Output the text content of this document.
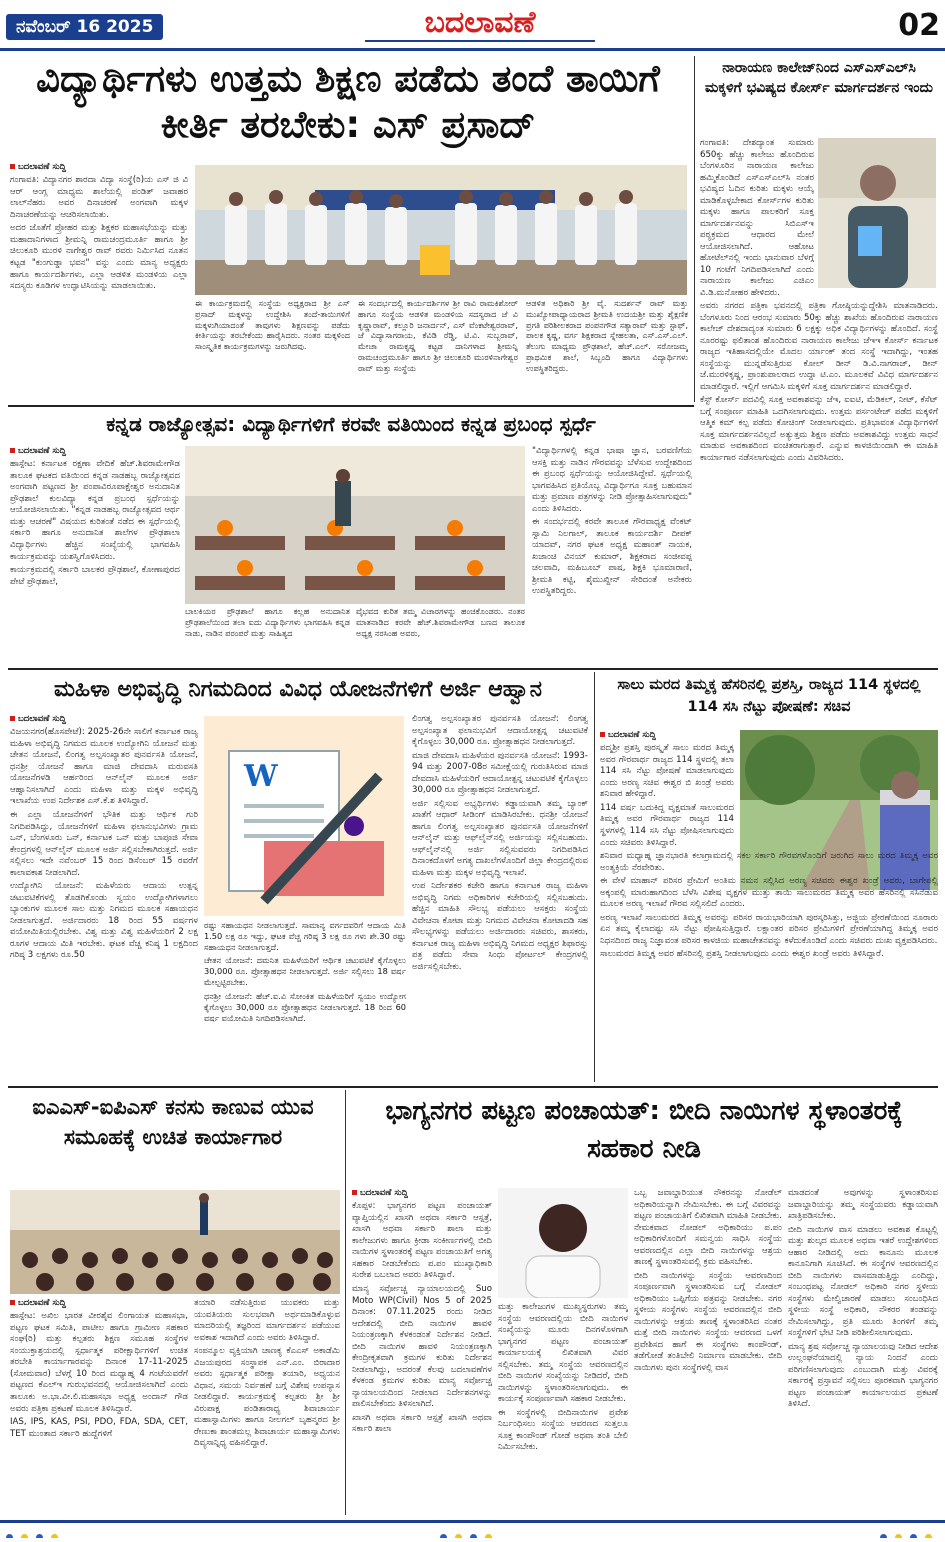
ನವೆಂಬರ್ 16 2025	ಬದಲಾವಣೆ	02
ವಿದ್ಯಾರ್ಥಿಗಳು ಉತ್ತಮ ಶಿಕ್ಷಣ ಪಡೆದು ತಂದೆ ತಾಯಿಗೆ ಕೀರ್ತಿ ತರಬೇಕು: ಎಸ್ ಪ್ರಸಾದ್
ಬದಲಾವಣೆ ಸುದ್ದಿ

ಗಂಗಾವತಿ: ವಿದ್ಯಾನಗರ ಶಾರದಾ ವಿದ್ಯಾ ಸಂಸ್ಥೆ(ರಿ)ಯ ಎಸ್ ಜಿ ವಿ ಆರ್ ಆಂಗ್ಲ ಮಾಧ್ಯಮ ಶಾಲೆಯಲ್ಲಿ ಪಂಡಿತ್ ಜವಾಹರ ಲಾಲ್‌ನೆಹರು ಅವರ ದಿನಾಚರಣೆ ಅಂಗವಾಗಿ ಮಕ್ಕಳ ದಿನಾಚರಣೆಯನ್ನು ಆಚರಿಸಲಾಯಿತು.

ಅದರ ಜೊತೆಗೆ ಪ್ರೋಹರ ಮತ್ತು ಶಿಕ್ಷಕರ ಮಹಾಸಭೆಯನ್ನು ಮತ್ತು ಮಹಾದಾನಿಗಳಾದ ಶ್ರೀಮನ್ನಿ ರಾಮಚಂದ್ರಮೂರ್ತಿ ಹಾಗೂ ಶ್ರೀ ಚಿಲುಕೂರಿ ಮುರಳಿ ನಾಗೇಶ್ವರ ರಾವ್ ರವರು ನಿರ್ಮಿಸಿದ ನೂತನ ಕಟ್ಟಡ "ಕುಂಗುಡ್ಡಾ ಭವನ" ವನ್ನು ಎಂದು ಮಾನ್ಯ ಅಧ್ಯಕ್ಷರು ಹಾಗೂ ಕಾರ್ಯದರ್ಶಿಗಳು, ಎಲ್ಲಾ ಆಡಳಿತ ಮಂಡಳಿಯ ಎಲ್ಲಾ ಸದಸ್ಯರು ಕೂಡಿಗಳ ಉದ್ಘಾಟಿಸಿಯನ್ನು ಮಾಡಲಾಯಿತು.

ಈ ಕಾರ್ಯಕ್ರಮದಲ್ಲಿ ಸಂಸ್ಥೆಯ ಅಧ್ಯಕ್ಷರಾದ ಶ್ರೀ ಎಸ್ ಪ್ರಸಾದ್ ಮಕ್ಕಳನ್ನು ಉದ್ದೇಶಿಸಿ ತಂದೆ-ತಾಯಿಗಳಿಗೆ ಮಕ್ಕಳುಗಿಯಾದಂತೆ ತಾವುಗಳು ಶಿಕ್ಷಣವನ್ನು ಪಡೆದು ಕೀರ್ತಿಯನ್ನು ತರಬೇಕೆಂದು ಹಾರೈಸಿದರು. ನಂತರ ಮಕ್ಕಳಿಂದ ಸಾಂಸ್ಕೃತಿಕ ಕಾರ್ಯಕ್ರಮಗಳನ್ನು ಜರುಗಿದವು.
ಈ ಸಂದರ್ಭದಲ್ಲಿ ಕಾರ್ಯದರ್ಶಿಗಳ ಶ್ರೀ ರಾವಿ ರಾಮಕಿಶೋರ್ ಹಾಗೂ ಸಂಸ್ಥೆಯ ಆಡಳಿತ ಮಂಡಳಿಯ ಸದಸ್ಯರಾದ ಜೆ ವಿ ಕೃಷ್ಣಾರಾವ್, ಕಲ್ಲೂರಿ ಜನಾರ್ದನ್, ಎಸ್ ವೆಂಕಟೇಶ್ವರರಾವ್, ಜೆ ವಿದ್ಯಾಸಾಗರಾಯ, ಕೆವಿಡಿ ರೆಡ್ಡಿ, ಟಿ.ವಿ. ಸುಬ್ಬರಾವ್, ಮೇಚಾ ರಾಮಕೃಷ್ಣ ಕಟ್ಟಡ ದಾನಿಗಳಾದ ಶ್ರೀಮನ್ನಿ ರಾಮಚಂದ್ರಮೂರ್ತಿ ಹಾಗೂ ಶ್ರೀ ಚಿಲುಕೂರಿ ಮುರಳಿನಾಗೇಶ್ವರ ರಾವ್ ಮತ್ತು ಸಂಸ್ಥೆಯ
ಆಡಳಿತ ಅಧಿಕಾರಿ ಶ್ರೀ ವೈ. ಸುದರ್ಶನ್ ರಾವ್ ಮತ್ತು ಮುಖ್ಯೋಪಾಧ್ಯಾಯರಾದ ಶ್ರೀಮತಿ ಉದಯಶ್ರೀ ಮತ್ತು ಶೈಕ್ಷಣಿಕ ಪ್ರಗತಿ ಪರಿಶೀಲಕರಾದ ಪಂಪನಗೌಡ ಸತ್ಯಾರಾವ್ ಮತ್ತು ಸ್ಟಾಫ್, ಪಾಲಕ ಕೃಷ್ಣ, ವರ್ಗ ಶಿಕ್ಷಕರಾದ ಸ್ನೇಹಲತಾ, ಎಸ್.ಎಸ್.ಎಲ್. ತೆಲುಗು ಮಾಧ್ಯಮ ಪ್ರೌಢಶಾಲೆ, ಹೆಚ್.ಎಲ್. ಸರೋಜಮ್ಮ ಪ್ರಾಥಮಿಕ ಶಾಲೆ, ಸಿಬ್ಬಂದಿ ಹಾಗೂ ವಿದ್ಯಾರ್ಥಿಗಳು ಉಪಸ್ಥಿತರಿದ್ದರು.
ನಾರಾಯಣ ಕಾಲೇಜ್‌ನಿಂದ ಎಸ್‌ಎಸ್‌ಎಲ್‌ಸಿ ಮಕ್ಕಳಿಗೆ ಭವಿಷ್ಯದ ಕೋರ್ಸ್ ಮಾರ್ಗದರ್ಶನ ಇಂದು

ಗಂಗಾವತಿ: ದೇಶದ್ಯಾಂತ ಸುಮಾರು 650ಕ್ಕು ಹೆಚ್ಚು ಕಾಲೇಜು ಹೊಂದಿರುವ ಬೆಂಗಳೂರಿನ ನಾರಾಯಣ ಕಾಲೇಜು ಹಮ್ಮಿಕೊಂಡಿದೆ ಎಸ್‌ಎಸ್‌ಎಲ್‌ಸಿ ನಂತರ ಭವಿಷ್ಯದ ಓದಿನ ಕುರಿತು ಮಕ್ಕಳು ಆಯ್ಕೆ ಮಾಡಿಕೊಳ್ಳಬೇಕಾದ ಕೋರ್ಸ್‌ಗಳ ಕುರಿತು ಮಕ್ಕಳು ಹಾಗೂ ಪಾಲಕರಿಗೆ ಸೂಕ್ತ ಮಾರ್ಗದರ್ಶನವನ್ನು ಸಿಬಿಎಸ್‌ಇ ಪಠ್ಯಕ್ರಮದ ಆಧಾರದ ಮೇಲೆ ಆಯೋಜಿಸಲಾಗಿದೆ. ಆಹೋಟ ಹೋಟೆಲ್‌ನಲ್ಲಿ ಇಂದು ಭಾನುವಾರ ಬೆಳಗ್ಗೆ 10 ಗಂಟೆಗೆ ನಿಗದಿಪಡಿಸಲಾಗಿದೆ ಎಂದು ನಾರಾಯಣ ಕಾಲೇಜು ಎಜಿಎಂ ವಿ.ಡಿ.ಮನೋಹರ ಹೇಳಿದರು.

ಅವರು ನಗರದ ಪತ್ರಿಕಾ ಭವನದಲ್ಲಿ ಪತ್ರಿಕಾ ಗೋಷ್ಠಿಯನ್ನುದ್ದೇಶಿಸಿ ಮಾತನಾಡಿದರು. ಬೆಂಗಳೂರು ನಿಂದ ಆರಂಭ ಸುಮಾರು 50ಕ್ಕು ಹೆಚ್ಚು ಶಾಖೆಯ ಹೊಂದಿರುವ ನಾರಾಯಣ ಕಾಲೇಜ್ ದೇಶದಾದ್ಯಂತ ಸುಮಾರು 6 ಲಕ್ಷಕ್ಕು ಅಧಿಕ ವಿದ್ಯಾರ್ಥಿಗಳನ್ನು ಹೊಂದಿದೆ. ಸಂಸ್ಥೆ ನೂರರಷ್ಟು ಫಲಿತಾಂಶ ಹೊಂದಿರುವ ನಾರಾಯಣ ಕಾಲೇಜು ಜೆಇಇ ಕೋರ್ಸ್ ಕರ್ನಾಟಕ ರಾಜ್ಯದ ಇತಿಹಾಸದಲ್ಲಿಯೇ ಮೊದಲ ರ್ಯಾಂಕ್ ತಂದ ಸಂಸ್ಥೆ ಇದಾಗಿದ್ದು, ಇಂತಹ ಸಂಸ್ಥೆಯನ್ನು ಮುನ್ನಡೆಸುತ್ತಿರುವ ಕೋಲ್ ಡೀನ್ ಡಿ.ವಿ.ನಾಗರಾಜ್, ಡೀನ್ ಜೆ.ಮುರಳಿಕೃಷ್ಣ, ಪ್ರಾಂಶುಪಾಲರಾದ ಉದ್ದಾ ಟಿ.ಎಂ. ಮೂಲಕವೆ ವಿವಿಧ ಮಾರ್ಗದರ್ಶನ ಮಾಡಲಿದ್ದಾರೆ. ಇಲ್ಲಿಗೆ ಆಗಮಿಸಿ ಮಕ್ಕಳಿಗೆ ಸೂಕ್ತ ಮಾರ್ಗದರ್ಶನ ಮಾಡಲಿದ್ದಾರೆ.

ಕೆಸ್ಟ್‌ ಕೋರ್ಸ್ ಪದವಿಲ್ಲಿ ಸೂಕ್ತ ಅವಕಾಶವನ್ನು ಜೆಇ, ಐಐಟಿ, ಮೆಡಿಕಲ್, ನೀಟ್, ಕೆಸೆಟ್ ಬಗ್ಗೆ ಸಂಪೂರ್ಣ ಮಾಹಿತಿ ಒದಗಿಸಲಾಗುವುದು. ಉತ್ತಮ ಪರ್ಸಂಟೇಜ್ ಪಡೆದ ಮಕ್ಕಳಿಗೆ ಆತ್ಮಿಕ ಕಮ್ ಕಲ್ಪ ಪಡೆದು ಕೋಚಿಂಗ್ ನೀಡಲಾಗುವುದು. ಪ್ರತಿಭಾವಂತ ವಿದ್ಯಾರ್ಥಿಗಳಿಗೆ ಸೂಕ್ತ ಮಾರ್ಗದರ್ಶನವಿಲ್ಲದೆ ಅತ್ಯುತ್ತಮ ಶಿಕ್ಷಣ ಪಡೆದು ಅವಕಾಶವಿದ್ದು ಉತ್ತಮ ಸಾಧನೆ ಮಾಡುವ ಅವಕಾಶದಿಂದ ವಂಚಿತರಾಗುತ್ತಾರೆ. ಎನ್ನುವ ಕಾಳಜಿಯಿಂದಾಗಿ ಈ ಮಾಹಿತಿ ಕಾರ್ಯಾಗಾರ ನಡೆಸಲಾಗುವುದು ಎಂದು ವಿವರಿಸಿದರು.

ಕನ್ನಡ ರಾಜ್ಯೋತ್ಸವ: ವಿದ್ಯಾರ್ಥಿಗಳಿಗೆ ಕರವೇ ವತಿಯಿಂದ ಕನ್ನಡ ಪ್ರಬಂಧ ಸ್ಪರ್ಧೆ
ಬದಲಾವಣೆ ಸುದ್ದಿ

ಹಾಸ್ಪೇಟ: ಕರ್ನಾಟಕ ರಕ್ಷಣಾ ವೇದಿಕೆ ಹೆಚ್.ಶಿವರಾಮೇಗೌಡ ತಾಲೂಕ ಘಟಕದ ವತಿಯಿಂದ ಕನ್ನಡ ನಾಡಹಬ್ಬ ರಾಜ್ಯೋತ್ಸವದ ಅಂಗವಾಗಿ ಪಟ್ಟಣದ ಶ್ರೀ ಪಂಪಾವಿರೂಪಾಕ್ಷೇಶ್ವರ ಅನುದಾನಿತ ಪ್ರೌಢಶಾಲೆ ಕುಲವಿದ್ಯಾ ಕನ್ನಡ ಪ್ರಬಂಧ ಸ್ಪರ್ಧೆಯನ್ನು ಆಯೋಜಿಸಲಾಯಿತು. "ಕನ್ನಡ ನಾಡಹಬ್ಬ ರಾಜ್ಯೋತ್ಸವದ ಆರ್ಥ ಮತ್ತು ಆಚರಣೆ" ವಿಷಯದ ಕುರಿತಂತೆ ನಡೆದ ಈ ಸ್ಪರ್ಧೆಯಲ್ಲಿ ಸರ್ಕಾರಿ ಹಾಗೂ ಅನುದಾನಿತ ಶಾಲೆಗಳ ಪ್ರೌಢಶಾಲಾ ವಿದ್ಯಾರ್ಥಿಗಳು ಹೆಚ್ಚಿನ ಸಂಖ್ಯೆಯಲ್ಲಿ ಭಾಗವಹಿಸಿ ಕಾರ್ಯಕ್ರಮವನ್ನು ಯಶಸ್ವಿಗೊಳಿಸಿದರು.

ಕಾರ್ಯಕ್ರಮದಲ್ಲಿ ಸರ್ಕಾರಿ ಬಾಲಕರ ಪ್ರೌಢಶಾಲೆ, ಕೋಣಾಪುರದ ಪೇಟೆ ಪ್ರೌಢಶಾಲೆ,

ಬಾಲಕಿಯರ ಪ್ರೌಢಶಾಲೆ ಹಾಗೂ ಕಲ್ಲಹ ಅನುದಾನಿತ ಪ್ರೌಢಶಾಲೆಯಿಂದ ತಲಾ ಐದು ವಿದ್ಯಾರ್ಥಿಗಳು ಭಾಗವಹಿಸಿ ಕನ್ನಡ ನಾಡು, ನಾಡಿನ ಪರಂಪರೆ ಮತ್ತು ಸಾಹಿತ್ಯದ
ವೈಭವದ ಕುರಿತ ತಮ್ಮ ವಿಚಾರಗಳನ್ನು ಹಂಚಿಕೊಂಡರು. ನಂತರ ಮಾತನಾಡಿದ ಕರವೇ ಹೆಚ್.ಶಿವರಾಮೇಗೌಡ ಬಣದ ತಾಲೂಕ ಅಧ್ಯಕ್ಷ ನರಸಿಂಹ ಅವರು,

"ವಿದ್ಯಾರ್ಥಿಗಳಲ್ಲಿ ಕನ್ನಡ ಭಾಷಾ ಜ್ಞಾನ, ಬರವಣಿಗೆಯ ಆಸಕ್ತಿ ಮತ್ತು ನಾಡಿನ ಗೌರವವನ್ನು ಬೆಳೆಸುವ ಉದ್ದೇಶದಿಂದ ಈ ಪ್ರಬಂಧ ಸ್ಪರ್ಧೆಯನ್ನು ಆಯೋಜಿಸಿದ್ದೇವೆ. ಸ್ಪರ್ಧೆಯಲ್ಲಿ ಭಾಗವಹಿಸಿದ ಪ್ರತಿಯೊಬ್ಬ ವಿದ್ಯಾರ್ಥಿಗೂ ಸೂಕ್ತ ಬಹುಮಾನ ಮತ್ತು ಪ್ರಮಾಣ ಪತ್ರಗಳನ್ನು ನೀಡಿ ಪ್ರೋತ್ಸಾಹಿಸಲಾಗುವುದು" ಎಂದು ತಿಳಿಸಿದರು.

ಈ ಸಂದರ್ಭದಲ್ಲಿ ಕರವೇ ತಾಲೂಕ ಗೌರವಾಧ್ಯಕ್ಷ ವೆಂಕಟ್ ಸ್ವಾಮಿ ನಿಲಗಾಲ್, ತಾಲೂಕ ಕಾರ್ಯದರ್ಶಿ ದೀಪಕ್ ಯಾದವ್, ನಗರ ಘಟಕ ಅಧ್ಯಕ್ಷ ಮಹಾಂತ್ ನಾಯಕ, ಖಜಾಂಚಿ ವಿನಯ್ ಕುಮಾರ್, ಶಿಕ್ಷಕರಾದ ಸಂಜೀವಪ್ಪ ಚಲವಾದಿ, ಮಹಿಬೂಬ್ ಪಾಷ, ಶಿಕ್ಷಕಿ ಭೂಮಾರಾಣಿ, ಶ್ರೀಮತಿ ಕಟ್ಟಿ, ಶೈಮುಖ್ದೀನ್ ಸೇರಿದಂತೆ ಅನೇಕರು ಉಪಸ್ಥಿತರಿದ್ದರು.

ಮಹಿಳಾ ಅಭಿವೃದ್ಧಿ ನಿಗಮದಿಂದ ವಿವಿಧ ಯೋಜನೆಗಳಿಗೆ ಅರ್ಜಿ ಆಹ್ವಾನ
ಬದಲಾವಣೆ ಸುದ್ದಿ

ವಿಜಯನಗರ(ಹೊಸಪೇಟೆ): 2025-26ನೇ ಸಾಲಿಗೆ ಕರ್ನಾಟಕ ರಾಜ್ಯ ಮಹಿಳಾ ಅಭಿವೃದ್ಧಿ ನಿಗಮದ ಮೂಲಕ ಉದ್ಯೋಗಿನಿ ಯೋಜನೆ ಮತ್ತು ಚೇತನ ಯೋಜನೆ, ಲಿಂಗತ್ವ ಅಲ್ಪಸಂಖ್ಯಾತರ ಪುನರ್ವಸತಿ ಯೋಜನೆ, ಧನಶ್ರೀ ಯೋಜನೆ ಹಾಗೂ ಮಾಜಿ ದೇವದಾಸಿ ಮರುವಸತಿ ಯೋಜನೆಗಳಡಿ ಆರ್ಹರಿಂದ ಆನ್‌ಲೈನ್ ಮೂಲಕ ಅರ್ಜಿ ಆಹ್ವಾನಿಸಲಾಗಿದೆ ಎಂದು ಮಹಿಳಾ ಮತ್ತು ಮಕ್ಕಳ ಅಭಿವೃದ್ಧಿ ಇಲಾಖೆಯ ಉಪ ನಿರ್ದೇಶಕ ಎಸ್.ಕೆ.ಶ ತಿಳಿಸಿದ್ದಾರೆ.

ಈ ಎಲ್ಲಾ ಯೋಜನೆಗಳಿಗೆ ಭೌತಿಕ ಮತ್ತು ಆರ್ಥಿಕ ಗುರಿ ನಿಗದಿಪಡಿಸಿದ್ದು, ಯೋಜನೆಗಳಿಗೆ ಮಹಿಳಾ ಫಲಾನುಭವಿಗಳು ಗ್ರಾಮ ಒನ್, ಬೆಂಗಳೂರು ಒನ್, ಕರ್ನಾಟಕ ಒನ್ ಮತ್ತು ಬಾಪೂಜಿ ಸೇವಾ ಕೇಂದ್ರಗಳಲ್ಲಿ ಆನ್‌ಲೈನ್ ಮೂಲಕ ಅರ್ಜಿ ಸಲ್ಲಿಸಬೇಕಾಗಿರುತ್ತದೆ. ಅರ್ಜಿ ಸಲ್ಲಿಸಲು ಇದೇ ನವೆಂಬರ್ 15 ರಿಂದ ಡಿಸೆಂಬರ್ 15 ರವರೆಗೆ ಕಾಲಾವಕಾಶ ನೀಡಲಾಗಿದೆ.

ಉದ್ಯೋಗಿನಿ ಯೋಜನೆ: ಮಹಿಳೆಯರು ಆದಾಯ ಉತ್ಪನ್ನ ಚಟುವಟಿಕೆಗಳಲ್ಲಿ ತೊಡಗಿಕೊಂಡು ಸ್ವಯಂ ಉದ್ಯೋಗಿಗಳಾಗಲು ಬ್ಯಾಂಕುಗಳ ಮೂಲಕ ಸಾಲ ಮತ್ತು ನಿಗಮದ ಮೂಲಕ ಸಹಾಯಧನ ನೀಡಲಾಗುತ್ತದೆ. ಅರ್ಜಿದಾರರು 18 ರಿಂದ 55 ವರ್ಷಗಳ ವಯೋಮಿತಿಯಲ್ಲಿರಬೇಕು. ವಿಶ್ವ ಮತ್ತು ವಿಶ್ವ ಮಹಿಳೆಯರಿಗೆ 2 ಲಕ್ಷ ರೂಗಳ ಆದಾಯ ಮಿತಿ ಇರಬೇಕು. ಘಟಕ ವೆಚ್ಚ ಕನಿಷ್ಠ 1 ಲಕ್ಷದಿಂದ ಗರಿಷ್ಠ 3 ಲಕ್ಷಗಳು ರೂ.50

W

ರಷ್ಟು ಸಹಾಯಧನ ನೀಡಲಾಗುತ್ತದೆ. ಸಾಮಾನ್ಯ ವರ್ಗದವರಿಗೆ ಆದಾಯ ಮಿತಿ 1.50 ಲಕ್ಷ ರೂ ಇದ್ದು, ಘಟಕ ವೆಚ್ಚ ಗರಿಷ್ಠ 3 ಲಕ್ಷ ರೂ ಗಳು ಶೇ.30 ರಷ್ಟು ಸಹಾಯಧನ ನೀಡಲಾಗುತ್ತದೆ.

ಚೇತನ ಯೋಜನೆ: ದಮನಿತ ಮಹಿಳೆಯರಿಗೆ ಆರ್ಥಿಕ ಚಟುವಟಿಕೆ ಕೈಗೊಳ್ಳಲು 30,000 ರೂ. ಪ್ರೋತ್ಸಾಹಧನ ನೀಡಲಾಗುತ್ತದೆ. ಅರ್ಜಿ ಸಲ್ಲಿಸಲು 18 ವರ್ಷ ಮೇಲ್ಪಟ್ಟಿರಬೇಕು.

ಧನಶ್ರೀ ಯೋಜನೆ: ಹೆಚ್.ಐ.ವಿ ಸೋಂಕಿತ ಮಹಿಳೆಯರಿಗೆ ಸ್ವಯಂ ಉದ್ಯೋಗ ಕೈಗೊಳ್ಳಲು 30,000 ರೂ ಪ್ರೋತ್ಸಾಹಧನ ನೀಡಲಾಗುತ್ತದೆ. 18 ರಿಂದ 60 ವರ್ಷ ವಯೋಮಿತಿ ನಿಗದಿಪಡಿಸಲಾಗಿದೆ.

ಲಿಂಗತ್ವ ಅಲ್ಪಸಂಖ್ಯಾತರ ಪುನರ್ವಸತಿ ಯೋಜನೆ: ಲಿಂಗತ್ವ ಅಲ್ಪಸಂಖ್ಯಾತ ಫಲಾನುಭವಿಗೆ ಆದಾಯೋತ್ಪನ್ನ ಚಟುವಟಿಕೆ ಕೈಗೊಳ್ಳಲು 30,000 ರೂ. ಪ್ರೋತ್ಸಾಹಧನ ನೀಡಲಾಗುತ್ತದೆ.

ಮಾಜಿ ದೇವದಾಸಿ ಮಹಿಳೆಯರ ಪುನರ್ವಸತಿ ಯೋಜನೆ: 1993-94 ಮತ್ತು 2007-08ರ ಸಮೀಕ್ಷೆಯಲ್ಲಿ ಗುರುತಿಸಿರುವ ಮಾಜಿ ದೇವದಾಸಿ ಮಹಿಳೆಯರಿಗೆ ಆದಾಯೋತ್ಪನ್ನ ಚಟುವಟಿಕೆ ಕೈಗೊಳ್ಳಲು 30,000 ರೂ ಪ್ರೋತ್ಸಾಹಧನ ನೀಡಲಾಗುತ್ತದೆ.

ಅರ್ಜಿ ಸಲ್ಲಿಸುವ ಅಭ್ಯರ್ಥಿಗಳು ಕಡ್ಡಾಯವಾಗಿ ತಮ್ಮ ಬ್ಯಾಂಕ್ ಖಾತೆಗೆ ಆಧಾರ್ ಸೀಡಿಂಗ್ ಮಾಡಿಸಿರಬೇಕು. ಧನಶ್ರೀ ಯೋಜನೆ ಹಾಗೂ ಲಿಂಗತ್ವ ಅಲ್ಪಸಂಖ್ಯಾತರ ಪುನರ್ವಸತಿ ಯೋಜನೆಗಳಿಗೆ ಆನ್‌ಲೈನ್ ಮತ್ತು ಆಫ್‌ಲೈನ್‌ನಲ್ಲಿ ಅರ್ಜಿಯನ್ನು ಸಲ್ಲಿಸಬಹುದು. ಆಫ್‌ಲೈನ್‌ನಲ್ಲಿ ಅರ್ಜಿ ಸಲ್ಲಿಸುವವರು ನಿಗದಿಪಡಿಸಿದ ದಿನಾಂಕದೊಳಗೆ ಅಗತ್ಯ ದಾಖಲೆಗಳೊಂದಿಗೆ ಜಿಲ್ಲಾ ಕೇಂದ್ರದಲ್ಲಿರುವ ಮಹಿಳಾ ಮತ್ತು ಮಕ್ಕಳ ಅಭಿವೃದ್ಧಿ ಇಲಾಖೆ.

ಉಪ ನಿರ್ದೇಶಕರ ಕಚೇರಿ ಹಾಗೂ ಕರ್ನಾಟಕ ರಾಜ್ಯ ಮಹಿಳಾ ಅಭಿವೃದ್ಧಿ ನಿಗಮ ಅಧಿಕಾರಿಗಳ ಕಚೇರಿಯಲ್ಲಿ ಸಲ್ಲಿಸಬಹುದು. ಹೆಚ್ಚಿನ ಮಾಹಿತಿ ಸೌಲಭ್ಯ ಪಡೆಯಲು ಆಸಕ್ತರು ಸಂಸ್ಥೆಯ ವಿವೇಚನಾ ಕೋಟಾ ಮತ್ತು ನಿಗಮದ ವಿವೇಚನಾ ಕೋಟಾದಡಿ ಸಹ ಸೌಲಭ್ಯಗಳನ್ನು ಪಡೆಯಲು ಅರ್ಜಿದಾರರು ಸಚಿವರು, ಶಾಸಕರು, ಕರ್ನಾಟಕ ರಾಜ್ಯ ಮಹಿಳಾ ಅಭಿವೃದ್ಧಿ ನಿಗಮದ ಅಧ್ಯಕ್ಷರ ಶಿಫಾರಸ್ಸು ಪತ್ರ ಪಡೆದು ಸೇವಾ ಸಿಂಧು ಪೋರ್ಟಲ್ ಕೇಂದ್ರಗಳಲ್ಲಿ ಅರ್ಜಿಸಲ್ಲಿಸಬೇಕು.

ಸಾಲು ಮರದ ತಿಮ್ಮಕ್ಕ ಹೆಸರಿನಲ್ಲಿ ಪ್ರಶಸ್ತಿ, ರಾಜ್ಯದ 114 ಸ್ಥಳದಲ್ಲಿ 114 ಸಸಿ ನೆಟ್ಟು ಪೋಷಣೆ: ಸಚಿವ
ಬದಲಾವಣೆ ಸುದ್ದಿ

ಪದ್ಮಶ್ರೀ ಪ್ರಶಸ್ತಿ ಪುರಸ್ಕೃತೆ ಸಾಲು ಮರದ ತಿಮ್ಮಕ್ಕ ಅವರ ಗೌರವಾರ್ಥ ರಾಜ್ಯದ 114 ಸ್ಥಳದಲ್ಲಿ ತಲಾ 114 ಸಸಿ ನೆಟ್ಟು ಪೋಷಣೆ ಮಾಡಲಾಗುವುದು ಎಂದು ಅರಣ್ಯ ಸಚಿವ ಈಶ್ವರ ಬಿ ಖಂಡ್ರೆ ಅವರು ಶನಿವಾರ ಹೇಳಿದ್ದಾರೆ.

114 ವರ್ಷ ಬದುಕಿದ್ದ ವೃಕ್ಷಮಾತೆ ಸಾಲುಮರದ ತಿಮ್ಮಕ್ಕ ಅವರ ಗೌರವಾರ್ಥ ರಾಜ್ಯದ 114 ಸ್ಥಳಗಳಲ್ಲಿ 114 ಸಸಿ ನೆಟ್ಟು ಪೋಷಿಸಲಾಗುವುದು ಎಂದು ಸಚಿವರು ತಿಳಿಸಿದ್ದಾರೆ.

ಶನಿವಾರ ಮಧ್ಯಾಹ್ನ ಜ್ಞಾನಭಾರತಿ ಕಲಾಗ್ರಾಮದಲ್ಲಿ ಸಕಲ ಸರ್ಕಾರಿ ಗೌರವಗಳೊಂದಿಗೆ ಜರುಗಿದ ಸಾಲು ಮರದ ತಿಮ್ಮಕ್ಕ ಅವರ ಅಂತ್ಯಕ್ರಿಯೆ ನೆರವೇರಿತು.

ಈ ವೇಳೆ ಮಾಹಾನ್ ಪರಿಸರ ಪ್ರೇಮಿಗೆ ಅಂತಿಮ ನಮನ ಸಲ್ಲಿಸಿದ ಅರಣ್ಯ ಸಚಿವರು ಈಶ್ವರ ಖಂಡ್ರೆ ಅವರು, ಬಾಗೇಪಲ್ಲಿ ಅಕ್ಕಂಪಲ್ಲಿ ಮಾರುಹಾಗದಿಂದ ಬೆಳೆಸಿ ವಿಶೇಷ ವೃಕ್ಷಗಳ ಮುತ್ತು ತಾಯಿ ಸಾಲುಮರದ ತಿಮ್ಮಕ್ಕ ಅವರ ಹೆಸರಿನಲ್ಲಿ ಸಸಿನೆಡುವ ಮೂಲಕ ಅರಣ್ಯ ಇಲಾಖೆ ಗೌರವ ಸಲ್ಲಿಸಲಿದೆ ಎಂದರು.

ಅರಣ್ಯ ಇಲಾಖೆ ಸಾಲುಮರದ ತಿಮ್ಮಕ್ಕ ಅವರನ್ನು ಪರಿಸರ ರಾಯಭಾರಿಯಾಗಿ ಪುರಸ್ಕರಿಸಿತ್ತು, ಅಜ್ಜಿಯ ಪ್ರೇರಣೆಯಿಂದ ನೂರಾರು ಏನ ತಮ್ಮ ಕೈಲಾದಷ್ಟು ಸಸಿ ನೆಟ್ಟು ಪೋಷಿಸುತ್ತಿದ್ದಾರೆ. ಲಕ್ಷಾಂತರ ಪರಿಸರ ಪ್ರೇಮಿಗಳಿಗೆ ಪ್ರೇರಣೆಯಾಗಿದ್ದ ತಿಮ್ಮಕ್ಕ ಅವರ ನಿಧನದಿಂದ ರಾಜ್ಯ ನಿಜ್ಞಾವಂತ ಪರಿಸರ ಕಾಳಜಿಯ ಮಹಾಚೇತನವನ್ನು ಕಳೆದುಕೊಂಡಿದೆ ಎಂದು ಸಚಿವರು ದುಃಖ ವ್ಯಕ್ತಪಡಿಸಿದರು.

ಸಾಲುಮರದ ತಿಮ್ಮಕ್ಕ ಅವರ ಹೆಸರಿನಲ್ಲಿ ಪ್ರಶಸ್ತಿ ನೀಡಲಾಗುವುದು ಎಂದು ಈಶ್ವರ ಖಂಡ್ರೆ ಅವರು ತಿಳಿಸಿದ್ದಾರೆ.

ಐಎಎಸ್-ಐಪಿಎಸ್ ಕನಸು ಕಾಣುವ ಯುವ ಸಮೂಹಕ್ಕೆ ಉಚಿತ ಕಾರ್ಯಾಗಾರ
ಬದಲಾವಣೆ ಸುದ್ದಿ

ಹಾಸ್ಪೇಟ: ಅಖಿಲ ಭಾರತ ವೀರಶೈವ ಲಿಂಗಾಯತ ಮಹಾಸಭಾ, ಪಟ್ಟಣ ಘಟಕ ಸಮಿತಿ, ಪಾಟೀಲ ಹಾಗೂ ಗ್ರಾಮೀಣ ಸಹಕಾರ ಸಂಘ(ರಿ) ಮತ್ತು ಕಲ್ಪತರು ಶಿಕ್ಷಣ ಸಮೂಹ ಸಂಸ್ಥೆಗಳ ಸಂಯುಕ್ತಾಶ್ರಯದಲ್ಲಿ ಸ್ಪರ್ಧಾತ್ಮಕ ಪರೀಕ್ಷಾರ್ಥಿಗಳಿಗೆ ಉಚಿತ ತರಬೇತಿ ಕಾರ್ಯಾಗಾರವನ್ನು ದಿನಾಂಕ 17-11-2025 (ಸೋಮವಾರ) ಬೆಳಗ್ಗೆ 10 ರಿಂದ ಮಧ್ಯಾಹ್ನ 4 ಗಂಟೆಯವರೆಗೆ ಪಟ್ಟಣದ ಕೆಎಲ್ಇ ಗುರುಭವನದಲ್ಲಿ ಆಯೋಜಿಸಲಾಗಿದೆ ಎಂದು ತಾಲೂಕು ಅ.ಭಾ.ವೀ.ಲಿ.ಮಹಾಸಭಾ ಅಧ್ಯಕ್ಷ ಅಂದಾನ್ ಗೌಡ ಅವರು ಪತ್ರಿಕಾ ಪ್ರಕಟಣೆ ಮೂಲಕ ತಿಳಿಸಿದ್ದಾರೆ.

IAS, IPS, KAS, PSI, PDO, FDA, SDA, CET, TET ಮುಂತಾದ ಸರ್ಕಾರಿ ಹುದ್ದೆಗಳಿಗೆ

ತಯಾರಿ ನಡೆಸುತ್ತಿರುವ ಯುವಕರು ಮತ್ತು ಯುವತಿಯರು ಸುಲಭವಾಗಿ ಅರ್ಥಮಾಡಿಕೊಳ್ಳುವ ಮಾದರಿಯಲ್ಲಿ ತಜ್ಞರಿಂದ ಮಾರ್ಗದರ್ಶನ ಪಡೆಯುವ ಅವಕಾಶ ಇದಾಗಿದೆ ಎಂದು ಅವರು ತಿಳಿಸಿದ್ದಾರೆ.

ಸಂಪನ್ಮೂಲ ವ್ಯಕ್ತಿಯಾಗಿ ಚಾಣಕ್ಯ ಕೆಎಎಸ್ ಅಕಾಡೆಮಿ ವಿಜಯಪುರದ ಸಂಸ್ಥಾಪಕ ಎನ್.ಎಂ. ಬಿರಾದಾರ ಅವರು ಸ್ಪರ್ಧಾತ್ಮಕ ಪರೀಕ್ಷಾ ತಯಾರಿ, ಅಧ್ಯಯನ ವಿಧಾನ, ಸಮಯ ನಿರ್ವಹಣೆ ಬಗ್ಗೆ ವಿಶೇಷ ಉಪನ್ಯಾಸ ನೀಡಲಿದ್ದಾರೆ. ಕಾರ್ಯಕ್ರಮಕ್ಕೆ ಕಲ್ಪತರು ಶ್ರೀ ಶ್ರೀ ವಿರುಪಾಕ್ಷ ಪಂಡಿತಾರಾಧ್ಯ ಶಿವಾಚಾರ್ಯ ಮಹಾಸ್ವಾಮಿಗಳು ಹಾಗೂ ನೀಲಗಲ್ ಬೃಹನ್ಮಠದ ಶ್ರೀ ರೇಣುಕಾ ಶಾಂತಮಲ್ಲ ಶಿವಾಚಾರ್ಯ ಮಹಾಸ್ವಾಮಿಗಳು ದಿವ್ಯಸಾನ್ನಿಧ್ಯ ವಹಿಸಲಿದ್ದಾರೆ.

ಭಾಗ್ಯನಗರ ಪಟ್ಟಣ ಪಂಚಾಯತ್: ಬೀದಿ ನಾಯಿಗಳ ಸ್ಥಳಾಂತರಕ್ಕೆ ಸಹಕಾರ ನೀಡಿ
ಬದಲಾವಣೆ ಸುದ್ದಿ

ಕೊಪ್ಪಳ: ಭಾಗ್ಯನಗರ ಪಟ್ಟಣ ಪಂಚಾಯತ್ ವ್ಯಾಪ್ತಿಯಲ್ಲಿನ ಖಾಸಗಿ ಅಥವಾ ಸರ್ಕಾರಿ ಆಸ್ಪತ್ರೆ, ಖಾಸಗಿ ಅಥವಾ ಸರ್ಕಾರಿ ಶಾಲಾ ಮತ್ತು ಕಾಲೇಜುಗಳು ಹಾಗೂ ಕ್ರೀಡಾ ಸಂಕೀರ್ಣಗಳಲ್ಲಿ ಬೀದಿ ನಾಯಿಗಳ ಸ್ಥಳಾಂತರಕ್ಕೆ ಪಟ್ಟಣ ಪಂಚಾಯತಿಗೆ ಅಗತ್ಯ ಸಹಕಾರ ನೀಡಬೇಕೆಂದು ಪ.ಪಂ ಮುಖ್ಯಾಧಿಕಾರಿ ಸುರೇಶ ಬಬಲಾದ ಅವರು ತಿಳಿಸಿದ್ದಾರೆ.

ಮಾನ್ಯ ಸರ್ವೋಚ್ಚ ನ್ಯಾಯಾಲಯದಲ್ಲಿ Suo Moto WP(Civil) Nos 5 of 2025 ದಿನಾಂಕ: 07.11.2025 ರಂದು ನೀಡಿದ ಆದೇಶದಲ್ಲಿ ಬೀದಿ ನಾಯಿಗಳ ಹಾವಳಿ ನಿಯಂತ್ರಣಕ್ಕಾಗಿ ಕೆಳಕಂಡಂತೆ ನಿರ್ದೇಶನ ನೀಡಿದೆ. ಬೀದಿ ನಾಯಿಗಳ ಹಾವಳಿ ನಿಯಂತ್ರಣಕ್ಕಾಗಿ ಕೇಂದ್ರೀಕೃತವಾಗಿ ಕ್ರಮಗಳ ಕುರಿತು ನಿರ್ದೇಶನ ನೀಡಲಾಗಿದ್ದು, ಅದರಂತೆ ಕೆಲವು ಬದಲಾವಣೆಗಳ ಕೆಳಕಂಡ ಕ್ರಮಗಳ ಕುರಿತು ಮಾನ್ಯ ಸರ್ವೋಚ್ಚ ನ್ಯಾಯಾಲಯದಿಂದ ನೀಡಲಾದ ನಿರ್ದೇಶನಗಳನ್ನು ಪಾಲಿಸಬೇಕೆಂದು ತಿಳಿಸಲಾಗಿದೆ.

ಖಾಸಗಿ ಅಥವಾ ಸರ್ಕಾರಿ ಆಸ್ಪತ್ರೆ ಖಾಸಗಿ ಅಥವಾ ಸರ್ಕಾರಿ ಶಾಲಾ

ಮತ್ತು ಕಾಲೇಜುಗಳ ಮುಖ್ಯಸ್ಥರುಗಳು ತಮ್ಮ ಸಂಸ್ಥೆಯ ಆವರಣದಲ್ಲಿಯ ಬೀದಿ ನಾಯಿಗಳ ಸಂಖ್ಯೆಯನ್ನು ಮೂರು ದಿನಗಳೊಳಗಾಗಿ ಭಾಗ್ಯನಗರ ಪಟ್ಟಣ ಪಂಚಾಯತ್ ಕಾರ್ಯಾಲಯಕ್ಕೆ ಲಿಖಿತವಾಗಿ ವಿವರ ಸಲ್ಲಿಸಬೇಕು. ತಮ್ಮ ಸಂಸ್ಥೆಯ ಆವರಣದಲ್ಲಿನ ಬೀದಿ ನಾಯಿಗಳ ಸಂಖ್ಯೆಯನ್ನು ನೀಡಿದರೆ, ಬೀದಿ ನಾಯಿಗಳನ್ನು ಸ್ಥಳಾಂತರಿಸಲಾಗುವುದು. ಈ ಕಾರ್ಯಕ್ಕೆ ಸಂಪೂರ್ಣವಾಗಿ ಸಹಕಾರ ನೀಡಬೇಕು.

ಈ ಸಂಸ್ಥೆಗಳಲ್ಲಿ ಬೀದಿನಾಯಿಗಳ ಪ್ರವೇಶ ನಿರ್ಬಂಧಿಸಲು ಸಂಸ್ಥೆಯ ಆವರಣದ ಸುತ್ತಲೂ ಸೂಕ್ತ ಕಾಂಪೌಂಡ್ ಗೋಡೆ ಅಥವಾ ತಂತಿ ಬೇಲಿ ನಿರ್ಮಿಸಬೇಕು.

ಒಬ್ಬ ಜವಾಬ್ದಾರಿಯುತ ನೌಕರನನ್ನು ನೋಡೆಲ್ ಅಧಿಕಾರಿಯನ್ನಾಗಿ ನೇಮಿಸಬೇಕು. ಈ ಬಗ್ಗೆ ವಿವರವನ್ನು ಪಟ್ಟಣ ಪಂಚಾಯತಿಗೆ ಲಿಖಿತವಾಗಿ ಮಾಹಿತಿ ನೀಡಬೇಕು. ನೇಮಕವಾದ ನೋಡಲ್ ಅಧಿಕಾರಿಯು ಪ.ಪಂ ಅಧಿಕಾರಿಗಳೊಂದಿಗೆ ಸಮನ್ವಯ ಸಾಧಿಸಿ ಸಂಸ್ಥೆಯ ಆವರಣದಲ್ಲಿನ ಎಲ್ಲಾ ಬೀದಿ ನಾಯಿಗಳನ್ನು ಆಶ್ರಯ ತಾಣಕ್ಕೆ ಸ್ಥಳಾಂತರಿಸುವಲ್ಲಿ ಕ್ರಮ ವಹಿಸಬೇಕು.

ಬೀದಿ ನಾಯಿಗಳನ್ನು ಸಂಸ್ಥೆಯ ಆವರಣದಿಂದ ಸಂಪೂರ್ಣವಾಗಿ ಸ್ಥಳಾಂತರಿಸುವ ಬಗ್ಗೆ ನೋಡಲ್ ಅಧಿಕಾರಿಯು ಒಪ್ಪಿಗೆಯ ಪತ್ರವನ್ನು ನೀಡಬೇಕು. ನಗರ ಸ್ಥಳೀಯ ಸಂಸ್ಥೆಗಳು ಸಂಸ್ಥೆಯ ಆವರಣದಲ್ಲಿನ ಬೀದಿ ನಾಯಿಗಳನ್ನು ಆಶ್ರಯ ತಾಣಕ್ಕೆ ಸ್ಥಳಾಂತರಿಸಿದ ನಂತರ ಮತ್ತೆ ಬೀದಿ ನಾಯಿಗಳು ಸಂಸ್ಥೆಯ ಆವರಣದ ಒಳಗೆ ಪ್ರವೇಶಿಸದ ಹಾಗೆ ಈ ಸಂಸ್ಥೆಗಳು ಕಾಂಪೌಂಡ್, ತಡೆಗೋಡೆ ತಂತಿಬೇಲಿ ನಿರ್ಮಾಣ ಮಾಡಬೇಕು. ಬೀದಿ ನಾಯಿಗಳು ಪುನಃ ಸಂಸ್ಥೆಗಳಲ್ಲಿ ವಾಸ

ಮಾಡದಂತೆ ಅವುಗಳನ್ನು ಸ್ಥಳಾಂತರಿಸುವ ಜವಾಬ್ದಾರಿಯನ್ನು ತಮ್ಮ ಸಂಸ್ಥೆಯವರು ಕಡ್ಡಾಯವಾಗಿ ಖಾತ್ರಿಪಡಿಸಬೇಕು.

ಬೀದಿ ನಾಯಿಗಳ ವಾಸ ಮಾಡಲು ಅವಕಾಶ ಕೊಟ್ಟಲ್ಲಿ ಮತ್ತು ಶುಲ್ಕದ ಮೂಲಕ ಅಥವಾ ಇತರೆ ಉದ್ದೇಶಗಳಿಂದ ಆಹಾರ ನೀಡಿದಲ್ಲಿ ಅದು ಕಾನೂನು ಮೂಲಕ ಕಾನೂನಿಗಾಗಿ ಸೂಚಿಸಿದೆ. ಈ ಸಂಸ್ಥೆಗಳ ಆವರಣದಲ್ಲಿನ ಬೀದಿ ನಾಯಿಗಳು ವಾಸಮಾಡುತ್ತಿದ್ದು ಎಂದಿದ್ದು, ಸಂಬಂಧಪಟ್ಟ ನೋಡಲ್ ಅಧಿಕಾರಿ ನಗರ ಸ್ಥಳೀಯ ಸಂಸ್ಥೆಗಳು ಮೇಲ್ವಿಚಾರಣೆ ಮಾಡಲು ಸಂಬಂಧಿಸಿದ ಸ್ಥಳೀಯ ಸಂಸ್ಥೆ ಅಧಿಕಾರಿ, ನೌಕರರ ತಂಡವನ್ನು ನೇಮಿಸಲಾಗಿದ್ದು, ಪ್ರತಿ ಮೂರು ತಿಂಗಳಿಗೆ ತಮ್ಮ ಸಂಸ್ಥೆಗಳಿಗೆ ಭೇಟಿ ನೀಡಿ ಪರಿಶೀಲಿಸಲಾಗುವುದು.

ಮಾನ್ಯ ಶ್ರಷ ಸರ್ವೋಚ್ಚ ನ್ಯಾಯಾಲಯವು ನೀಡಿದ ಆದೇಶ ಉಲ್ಲಂಘನೆಯಾದಲ್ಲಿ ನ್ಯಾಯ ನಿಂದನೆ ಎಂದು ಪರಿಗಣಿಸಲಾಗುವುದು ಎಂಬುದಾಗಿ ಮತ್ತು ವಿವರಕ್ಕೆ ಸರ್ಕಾರಕ್ಕೆ ಪ್ರಸ್ತಾವನೆ ಸಲ್ಲಿಸಲು ಪೂರಕವಾಗಿ ಭಾಗ್ಯನಗರ ಪಟ್ಟಣ ಪಂಚಾಯತ್ ಕಾರ್ಯಾಲಯದ ಪ್ರಕಟಣೆ ತಿಳಿಸಿದೆ.
